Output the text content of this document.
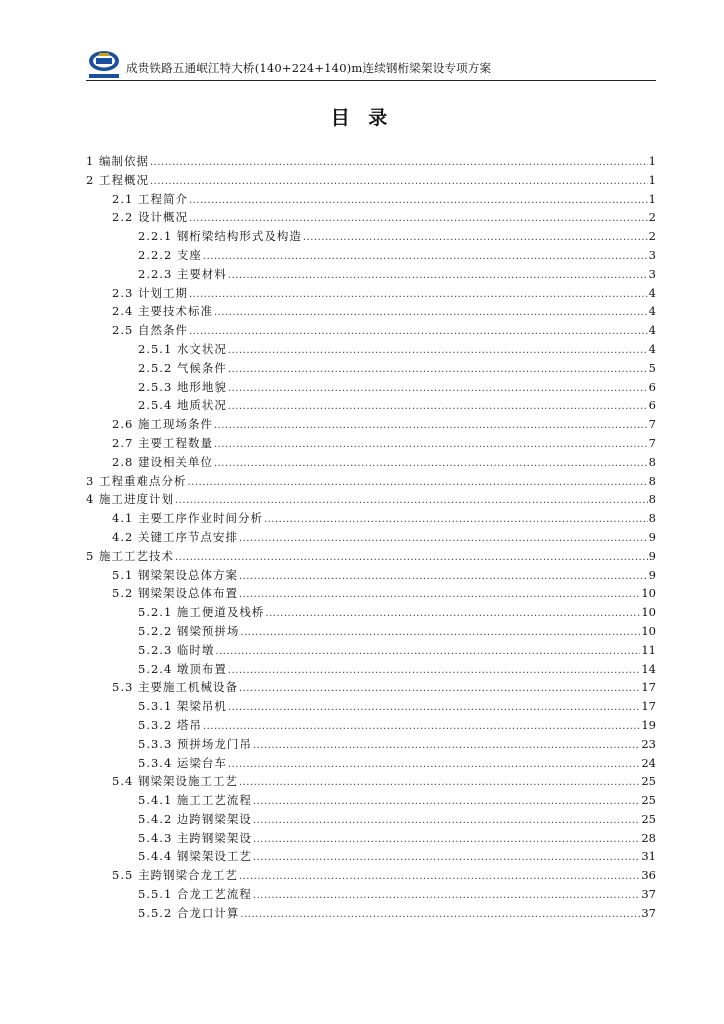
成贵铁路五通岷江特大桥(140+224+140)m连续钢桁梁架设专项方案
目 录
1 编制依据 .....	1
2 工程概况 .....	1
2.1 工程简介 .....	1
2.2 设计概况 .....	2
2.2.1 钢桁梁结构形式及构造 .....	2
2.2.2 支座 .....	3
2.2.3 主要材料 .....	3
2.3 计划工期 .....	4
2.4 主要技术标准 .....	4
2.5 自然条件 .....	4
2.5.1 水文状况 .....	4
2.5.2 气候条件 .....	5
2.5.3 地形地貌 .....	6
2.5.4 地质状况 .....	6
2.6 施工现场条件 .....	7
2.7 主要工程数量 .....	7
2.8 建设相关单位 .....	8
3 工程重难点分析 .....	8
4 施工进度计划 .....	8
4.1 主要工序作业时间分析 .....	8
4.2 关键工序节点安排 .....	9
5 施工工艺技术 .....	9
5.1 钢梁架设总体方案 .....	9
5.2 钢梁架设总体布置 .....	10
5.2.1 施工便道及栈桥 .....	10
5.2.2 钢梁预拼场 .....	10
5.2.3 临时墩 .....	11
5.2.4 墩顶布置 .....	14
5.3 主要施工机械设备 .....	17
5.3.1 架梁吊机 .....	17
5.3.2 塔吊 .....	19
5.3.3 预拼场龙门吊 .....	23
5.3.4 运梁台车 .....	24
5.4 钢梁架设施工工艺 .....	25
5.4.1 施工工艺流程 .....	25
5.4.2 边跨钢梁架设 .....	25
5.4.3 主跨钢梁架设 .....	28
5.4.4 钢梁架设工艺 .....	31
5.5 主跨钢梁合龙工艺 .....	36
5.5.1 合龙工艺流程 .....	37
5.5.2 合龙口计算 .....	37
